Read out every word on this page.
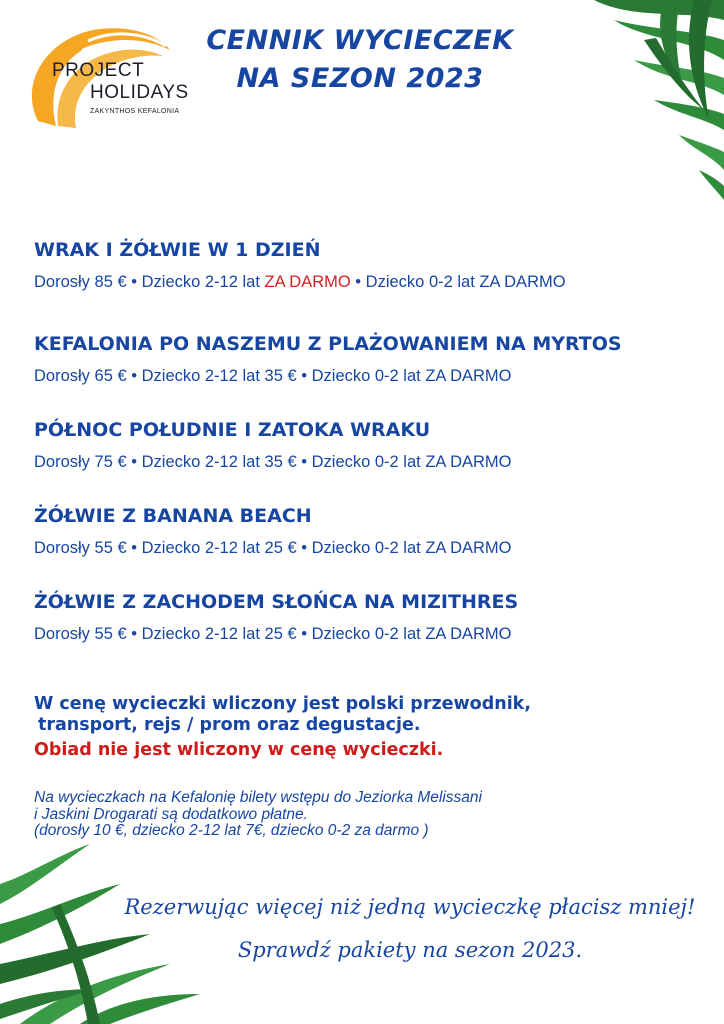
PROJECT
HOLIDAYS
ZAKYNTHOS KEFALONIA
CENNIK WYCIECZEK
NA SEZON 2023
WRAK I ŻÓŁWIE W 1 DZIEŃ
Dorosły 85 € • Dziecko 2-12 lat ZA DARMO • Dziecko 0-2 lat ZA DARMO
KEFALONIA PO NASZEMU Z PLAŻOWANIEM NA MYRTOS
Dorosły 65 € • Dziecko 2-12 lat 35 € • Dziecko 0-2 lat ZA DARMO
PÓŁNOC POŁUDNIE I ZATOKA WRAKU
Dorosły 75 € • Dziecko 2-12 lat 35 € • Dziecko 0-2 lat ZA DARMO
ŻÓŁWIE Z BANANA BEACH
Dorosły 55 € • Dziecko 2-12 lat 25 € • Dziecko 0-2 lat ZA DARMO
ŻÓŁWIE Z ZACHODEM SŁOŃCA NA MIZITHRES
Dorosły 55 € • Dziecko 2-12 lat 25 € • Dziecko 0-2 lat ZA DARMO
W cenę wycieczki wliczony jest polski przewodnik,
transport, rejs / prom oraz degustacje.
Obiad nie jest wliczony w cenę wycieczki.
Na wycieczkach na Kefalonię bilety wstępu do Jeziorka Melissani
i Jaskini Drogarati są dodatkowo płatne.
(dorosły 10 €, dziecko 2-12 lat 7€, dziecko 0-2 za darmo )
Rezerwując więcej niż jedną wycieczkę płacisz mniej!
Sprawdź pakiety na sezon 2023.
